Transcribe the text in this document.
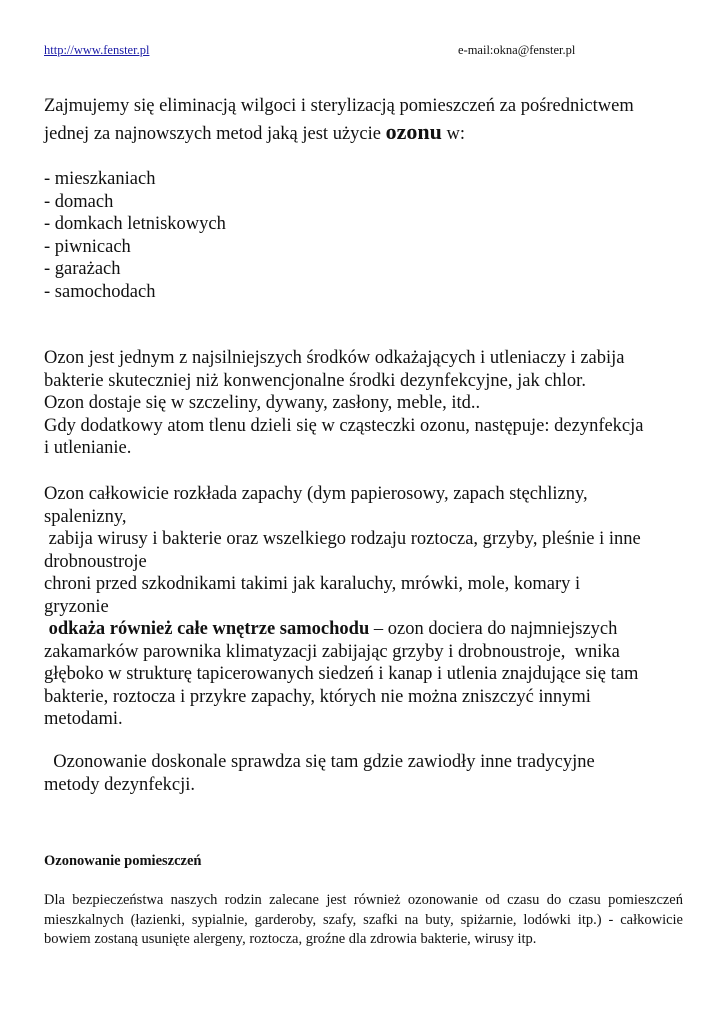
http://www.fenster.pl	e-mail:okna@fenster.pl
Zajmujemy się eliminacją wilgoci i sterylizacją pomieszczeń za pośrednictwem
jednej za najnowszych metod jaką jest użycie ozonu w:
- mieszkaniach
- domach
- domkach letniskowych
- piwnicach
- garażach
- samochodach
Ozon jest jednym z najsilniejszych środków odkażających i utleniaczy i zabija
bakterie skuteczniej niż konwencjonalne środki dezynfekcyjne, jak chlor.
Ozon dostaje się w szczeliny, dywany, zasłony, meble, itd..
Gdy dodatkowy atom tlenu dzieli się w cząsteczki ozonu, następuje: dezynfekcja
i utlenianie.
Ozon całkowicie rozkłada zapachy (dym papierosowy, zapach stęchlizny,
spalenizny,
zabija wirusy i bakterie oraz wszelkiego rodzaju roztocza, grzyby, pleśnie i inne
drobnoustroje
chroni przed szkodnikami takimi jak karaluchy, mrówki, mole, komary i
gryzonie
odkaża również całe wnętrze samochodu – ozon dociera do najmniejszych
zakamarków parownika klimatyzacji zabijając grzyby i drobnoustroje,  wnika
głęboko w strukturę tapicerowanych siedzeń i kanap i utlenia znajdujące się tam
bakterie, roztocza i przykre zapachy, których nie można zniszczyć innymi
metodami.
Ozonowanie doskonale sprawdza się tam gdzie zawiodły inne tradycyjne
metody dezynfekcji.
Ozonowanie pomieszczeń

Dla bezpieczeństwa naszych rodzin zalecane jest również ozonowanie od czasu do czasu pomieszczeń mieszkalnych (łazienki, sypialnie, garderoby, szafy, szafki na buty, spiżarnie, lodówki itp.) - całkowicie bowiem zostaną usunięte alergeny, roztocza, groźne dla zdrowia bakterie, wirusy itp.
